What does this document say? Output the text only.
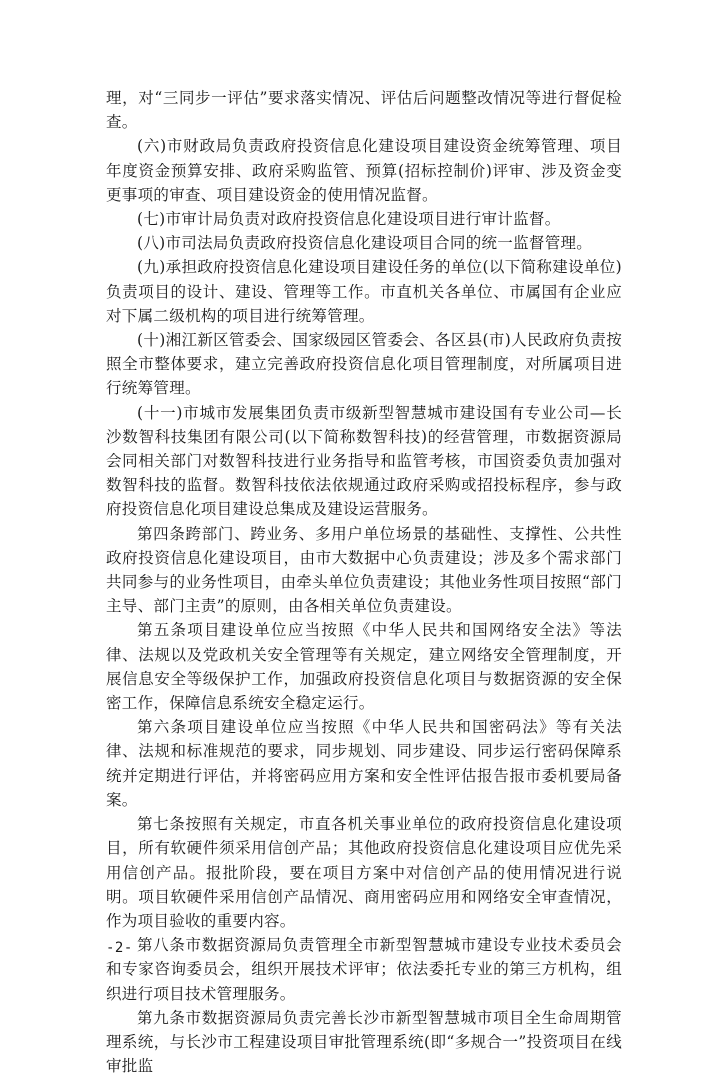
理，对“三同步一评估”要求落实情况、评估后问题整改情况等进行督促检查。

(六)市财政局负责政府投资信息化建设项目建设资金统筹管理、项目年度资金预算安排、政府采购监管、预算(招标控制价)评审、涉及资金变更事项的审查、项目建设资金的使用情况监督。

(七)市审计局负责对政府投资信息化建设项目进行审计监督。

(八)市司法局负责政府投资信息化建设项目合同的统一监督管理。

(九)承担政府投资信息化建设项目建设任务的单位(以下简称建设单位)负责项目的设计、建设、管理等工作。市直机关各单位、市属国有企业应对下属二级机构的项目进行统筹管理。

(十)湘江新区管委会、国家级园区管委会、各区县(市)人民政府负责按照全市整体要求，建立完善政府投资信息化项目管理制度，对所属项目进行统筹管理。

(十一)市城市发展集团负责市级新型智慧城市建设国有专业公司—长沙数智科技集团有限公司(以下简称数智科技)的经营管理，市数据资源局会同相关部门对数智科技进行业务指导和监管考核，市国资委负责加强对数智科技的监督。数智科技依法依规通过政府采购或招投标程序，参与政府投资信息化项目建设总集成及建设运营服务。

第四条跨部门、跨业务、多用户单位场景的基础性、支撑性、公共性政府投资信息化建设项目，由市大数据中心负责建设；涉及多个需求部门共同参与的业务性项目，由牵头单位负责建设；其他业务性项目按照“部门主导、部门主责”的原则，由各相关单位负责建设。

第五条项目建设单位应当按照《中华人民共和国网络安全法》等法律、法规以及党政机关安全管理等有关规定，建立网络安全管理制度，开展信息安全等级保护工作，加强政府投资信息化项目与数据资源的安全保密工作，保障信息系统安全稳定运行。

第六条项目建设单位应当按照《中华人民共和国密码法》等有关法律、法规和标准规范的要求，同步规划、同步建设、同步运行密码保障系统并定期进行评估，并将密码应用方案和安全性评估报告报市委机要局备案。

第七条按照有关规定，市直各机关事业单位的政府投资信息化建设项目，所有软硬件须采用信创产品；其他政府投资信息化建设项目应优先采用信创产品。报批阶段，要在项目方案中对信创产品的使用情况进行说明。项目软硬件采用信创产品情况、商用密码应用和网络安全审查情况，作为项目验收的重要内容。

第八条市数据资源局负责管理全市新型智慧城市建设专业技术委员会和专家咨询委员会，组织开展技术评审；依法委托专业的第三方机构，组织进行项目技术管理服务。

第九条市数据资源局负责完善长沙市新型智慧城市项目全生命周期管理系统，与长沙市工程建设项目审批管理系统(即“多规合一”投资项目在线审批监

-2-
